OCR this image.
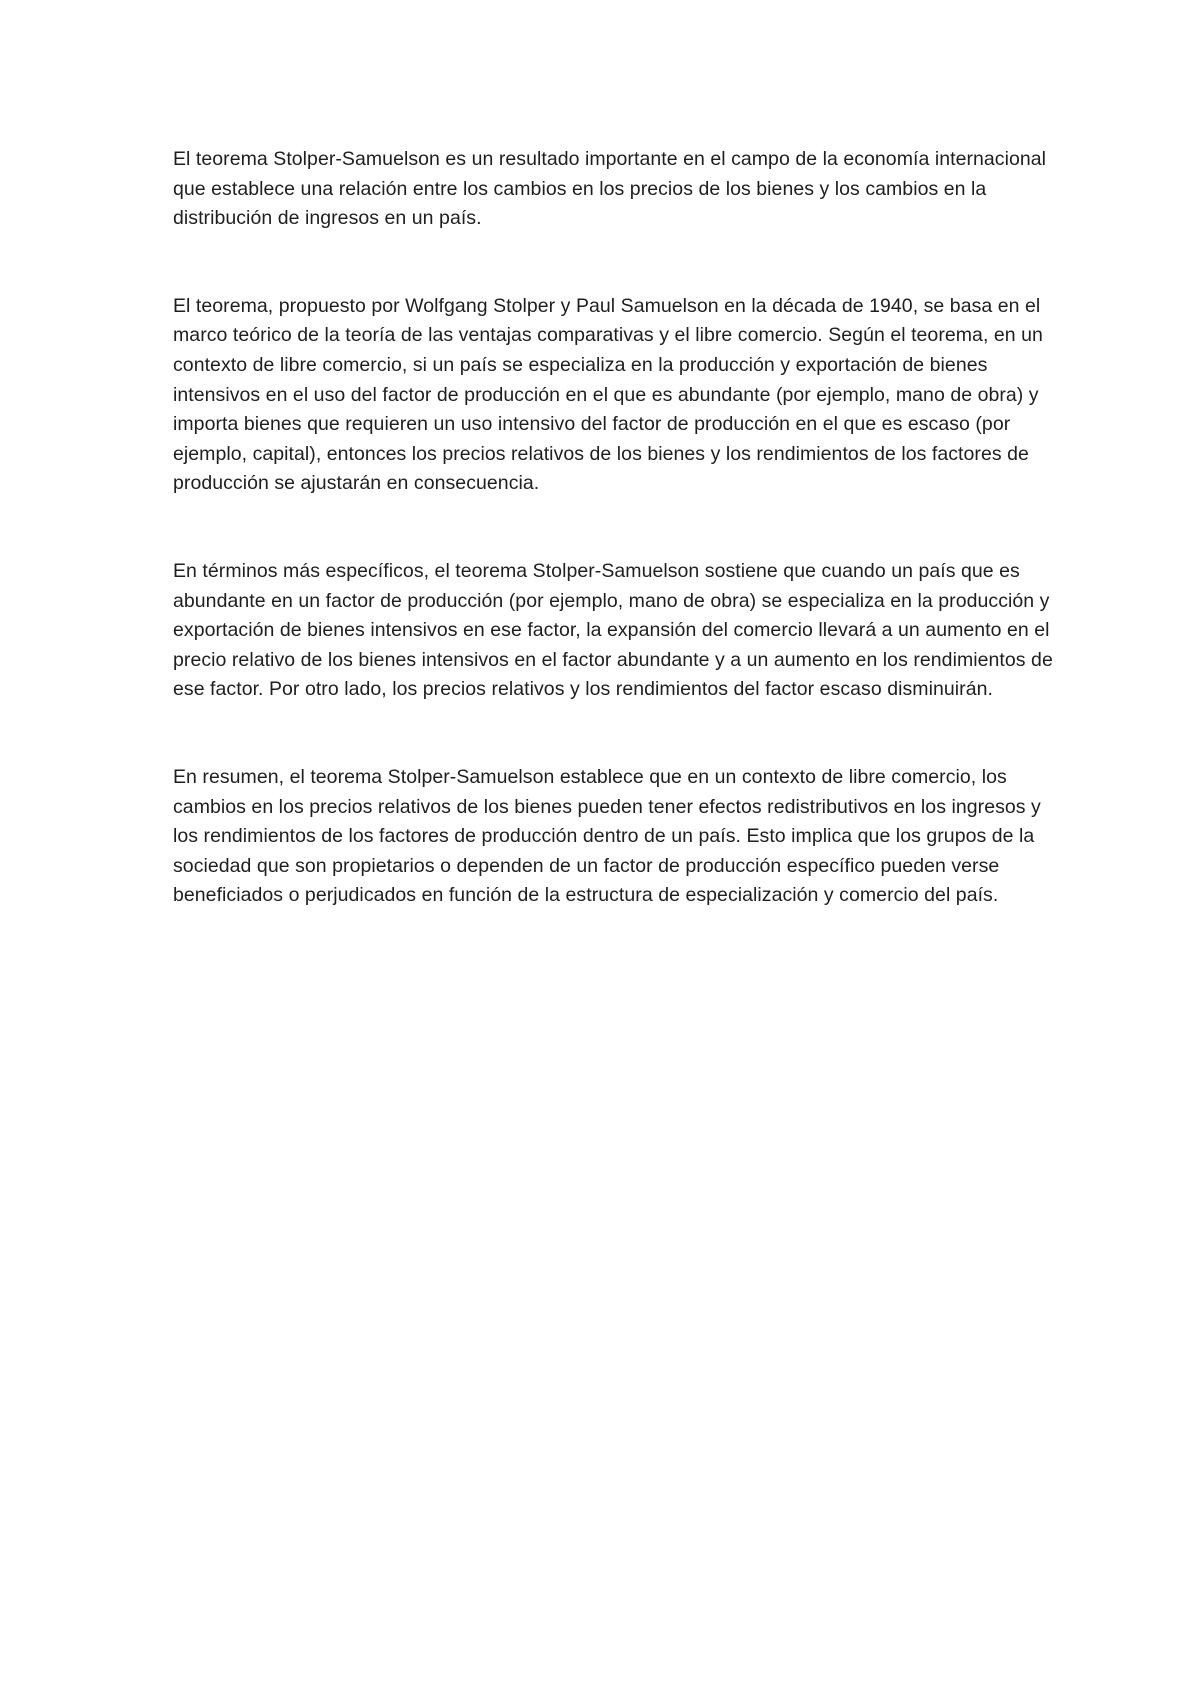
El teorema Stolper-Samuelson es un resultado importante en el campo de la economía internacional que establece una relación entre los cambios en los precios de los bienes y los cambios en la distribución de ingresos en un país.

El teorema, propuesto por Wolfgang Stolper y Paul Samuelson en la década de 1940, se basa en el marco teórico de la teoría de las ventajas comparativas y el libre comercio. Según el teorema, en un contexto de libre comercio, si un país se especializa en la producción y exportación de bienes intensivos en el uso del factor de producción en el que es abundante (por ejemplo, mano de obra) y importa bienes que requieren un uso intensivo del factor de producción en el que es escaso (por ejemplo, capital), entonces los precios relativos de los bienes y los rendimientos de los factores de producción se ajustarán en consecuencia.

En términos más específicos, el teorema Stolper-Samuelson sostiene que cuando un país que es abundante en un factor de producción (por ejemplo, mano de obra) se especializa en la producción y exportación de bienes intensivos en ese factor, la expansión del comercio llevará a un aumento en el precio relativo de los bienes intensivos en el factor abundante y a un aumento en los rendimientos de ese factor. Por otro lado, los precios relativos y los rendimientos del factor escaso disminuirán.

En resumen, el teorema Stolper-Samuelson establece que en un contexto de libre comercio, los cambios en los precios relativos de los bienes pueden tener efectos redistributivos en los ingresos y los rendimientos de los factores de producción dentro de un país. Esto implica que los grupos de la sociedad que son propietarios o dependen de un factor de producción específico pueden verse beneficiados o perjudicados en función de la estructura de especialización y comercio del país.
